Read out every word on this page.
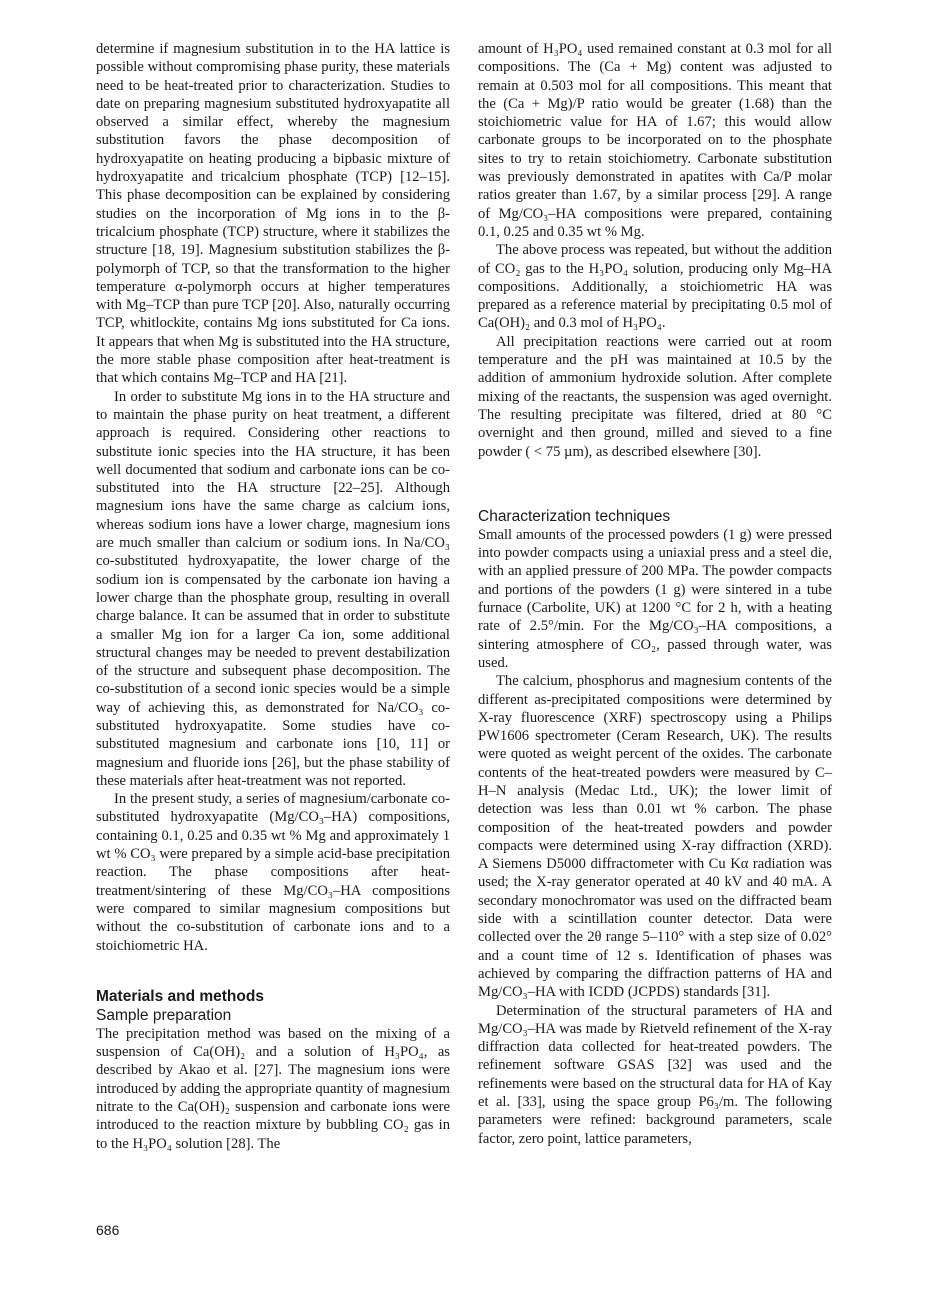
determine if magnesium substitution in to the HA lattice is possible without compromising phase purity, these materials need to be heat-treated prior to characterization. Studies to date on preparing magnesium substituted hydroxyapatite all observed a similar effect, whereby the magnesium substitution favors the phase decomposition of hydroxyapatite on heating producing a bipbasic mixture of hydroxyapatite and tricalcium phosphate (TCP) [12–15]. This phase decomposition can be explained by considering studies on the incorporation of Mg ions in to the β-tricalcium phosphate (TCP) structure, where it stabilizes the structure [18, 19]. Magnesium substitution stabilizes the β-polymorph of TCP, so that the transformation to the higher temperature α-polymorph occurs at higher temperatures with Mg–TCP than pure TCP [20]. Also, naturally occurring TCP, whitlockite, contains Mg ions substituted for Ca ions. It appears that when Mg is substituted into the HA structure, the more stable phase composition after heat-treatment is that which contains Mg–TCP and HA [21].

In order to substitute Mg ions in to the HA structure and to maintain the phase purity on heat treatment, a different approach is required. Considering other reactions to substitute ionic species into the HA structure, it has been well documented that sodium and carbonate ions can be co-substituted into the HA structure [22–25]. Although magnesium ions have the same charge as calcium ions, whereas sodium ions have a lower charge, magnesium ions are much smaller than calcium or sodium ions. In Na/CO₃ co-substituted hydroxyapatite, the lower charge of the sodium ion is compensated by the carbonate ion having a lower charge than the phosphate group, resulting in overall charge balance. It can be assumed that in order to substitute a smaller Mg ion for a larger Ca ion, some additional structural changes may be needed to prevent destabilization of the structure and subsequent phase decomposition. The co-substitution of a second ionic species would be a simple way of achieving this, as demonstrated for Na/CO₃ co-substituted hydroxyapatite. Some studies have co-substituted magnesium and carbonate ions [10, 11] or magnesium and fluoride ions [26], but the phase stability of these materials after heat-treatment was not reported.

In the present study, a series of magnesium/carbonate co-substituted hydroxyapatite (Mg/CO₃–HA) compositions, containing 0.1, 0.25 and 0.35 wt % Mg and approximately 1 wt % CO₃ were prepared by a simple acid-base precipitation reaction. The phase compositions after heat-treatment/sintering of these Mg/CO₃–HA compositions were compared to similar magnesium compositions but without the co-substitution of carbonate ions and to a stoichiometric HA.

Materials and methods
Sample preparation

The precipitation method was based on the mixing of a suspension of Ca(OH)₂ and a solution of H₃PO₄, as described by Akao et al. [27]. The magnesium ions were introduced by adding the appropriate quantity of magnesium nitrate to the Ca(OH)₂ suspension and carbonate ions were introduced to the reaction mixture by bubbling CO₂ gas in to the H₃PO₄ solution [28]. The

amount of H₃PO₄ used remained constant at 0.3 mol for all compositions. The (Ca + Mg) content was adjusted to remain at 0.503 mol for all compositions. This meant that the (Ca + Mg)/P ratio would be greater (1.68) than the stoichiometric value for HA of 1.67; this would allow carbonate groups to be incorporated on to the phosphate sites to try to retain stoichiometry. Carbonate substitution was previously demonstrated in apatites with Ca/P molar ratios greater than 1.67, by a similar process [29]. A range of Mg/CO₃–HA compositions were prepared, containing 0.1, 0.25 and 0.35 wt % Mg.

The above process was repeated, but without the addition of CO₂ gas to the H₃PO₄ solution, producing only Mg–HA compositions. Additionally, a stoichiometric HA was prepared as a reference material by precipitating 0.5 mol of Ca(OH)₂ and 0.3 mol of H₃PO₄.

All precipitation reactions were carried out at room temperature and the pH was maintained at 10.5 by the addition of ammonium hydroxide solution. After complete mixing of the reactants, the suspension was aged overnight. The resulting precipitate was filtered, dried at 80 °C overnight and then ground, milled and sieved to a fine powder ( < 75 µm), as described elsewhere [30].

Characterization techniques

Small amounts of the processed powders (1 g) were pressed into powder compacts using a uniaxial press and a steel die, with an applied pressure of 200 MPa. The powder compacts and portions of the powders (1 g) were sintered in a tube furnace (Carbolite, UK) at 1200 °C for 2 h, with a heating rate of 2.5°/min. For the Mg/CO₃–HA compositions, a sintering atmosphere of CO₂, passed through water, was used.

The calcium, phosphorus and magnesium contents of the different as-precipitated compositions were determined by X-ray fluorescence (XRF) spectroscopy using a Philips PW1606 spectrometer (Ceram Research, UK). The results were quoted as weight percent of the oxides. The carbonate contents of the heat-treated powders were measured by C–H–N analysis (Medac Ltd., UK); the lower limit of detection was less than 0.01 wt % carbon. The phase composition of the heat-treated powders and powder compacts were determined using X-ray diffraction (XRD). A Siemens D5000 diffractometer with Cu Kα radiation was used; the X-ray generator operated at 40 kV and 40 mA. A secondary monochromator was used on the diffracted beam side with a scintillation counter detector. Data were collected over the 2θ range 5–110° with a step size of 0.02° and a count time of 12 s. Identification of phases was achieved by comparing the diffraction patterns of HA and Mg/CO₃–HA with ICDD (JCPDS) standards [31].

Determination of the structural parameters of HA and Mg/CO₃–HA was made by Rietveld refinement of the X-ray diffraction data collected for heat-treated powders. The refinement software GSAS [32] was used and the refinements were based on the structural data for HA of Kay et al. [33], using the space group P6₃/m. The following parameters were refined: background parameters, scale factor, zero point, lattice parameters,

686
